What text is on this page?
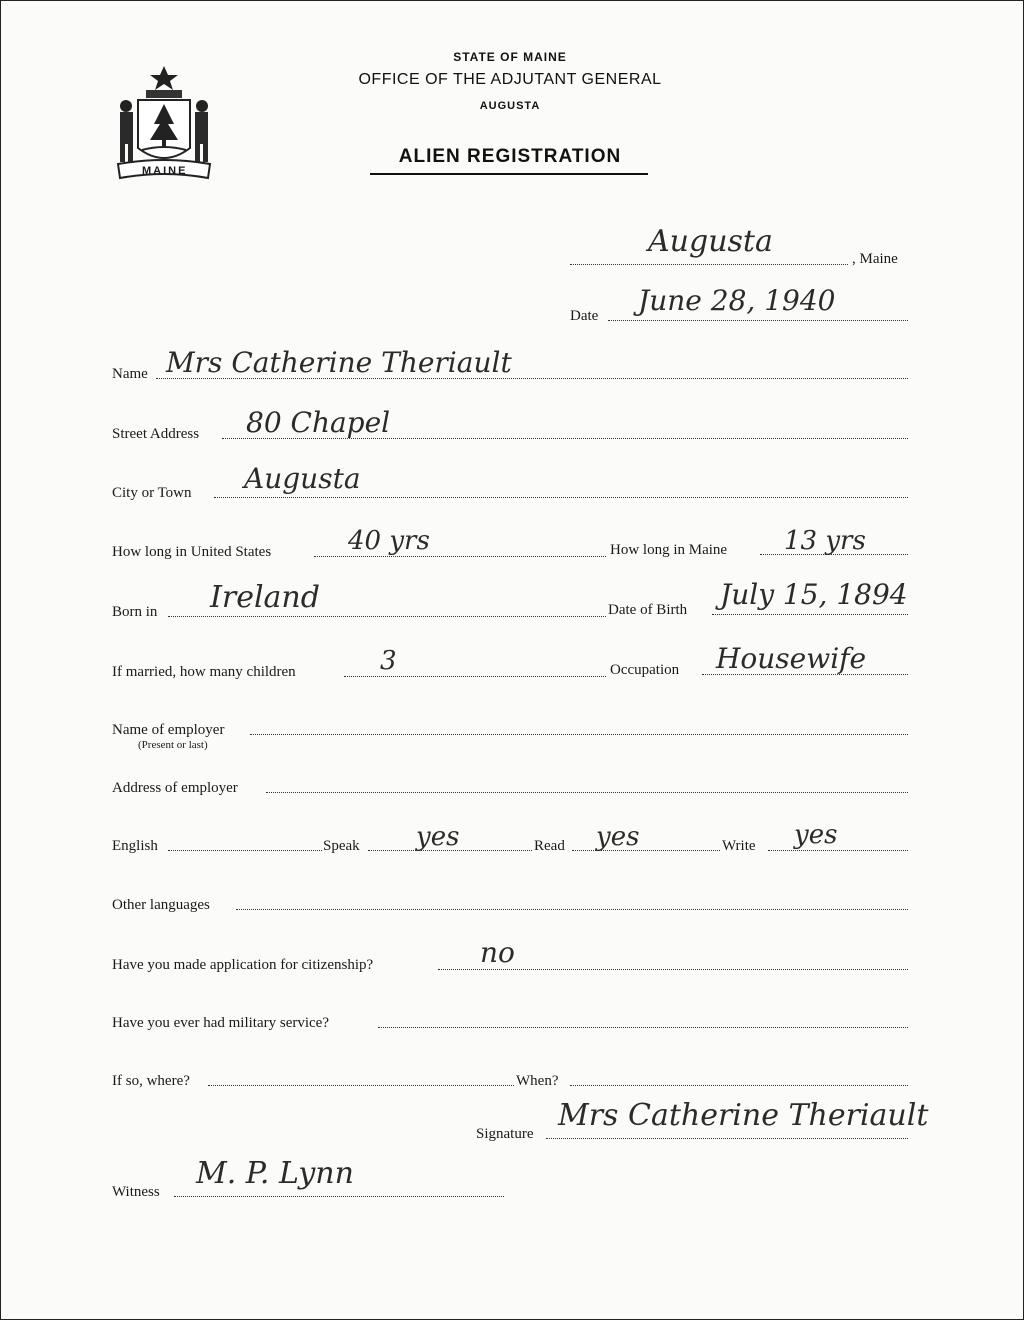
MAINE
STATE OF MAINE
OFFICE OF THE ADJUTANT GENERAL
AUGUSTA
ALIEN REGISTRATION
Augusta	, Maine
Date June 28, 1940
Name Mrs Catherine Theriault
Street Address 80 Chapel
City or Town Augusta
How long in United States	40 yrs	How long in Maine 13 yrs
Born in Ireland	Date of Birth July 15, 1894
If married, how many children	3	Occupation Housewife
Name of employer
(Present or last)
Address of employer
English	Speak yes	Read yes	Write yes
Other languages
Have you made application for citizenship?	no
Have you ever had military service?
If so, where?	When?
Signature
Mrs Catherine Theriault
Witness
M. P. Lynn
